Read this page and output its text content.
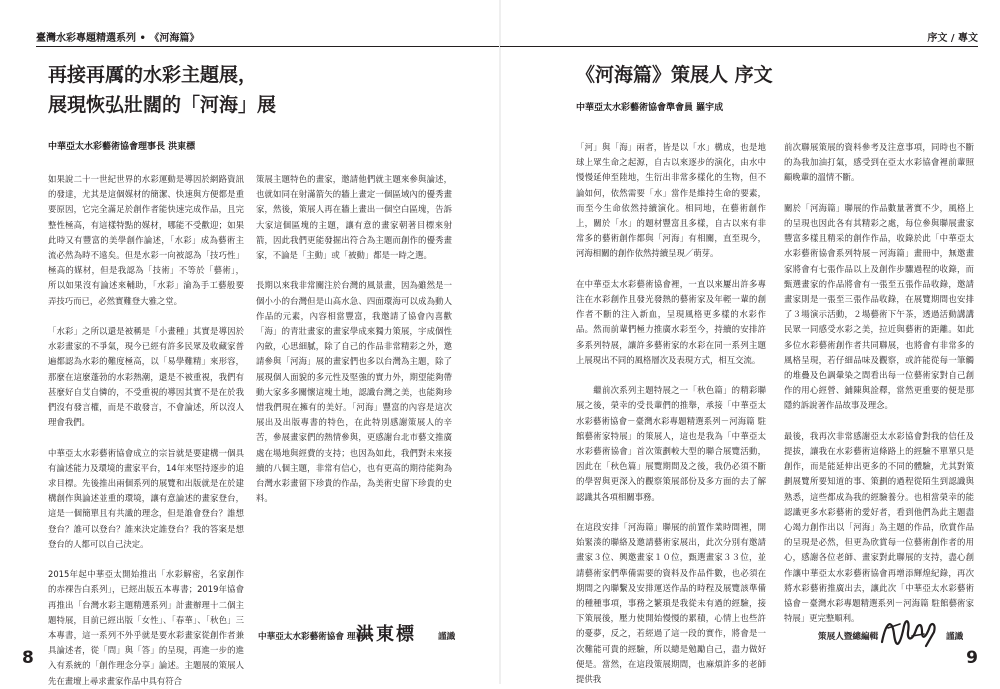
臺灣水彩專題精選系列 • 《河海篇》
再接再厲的水彩主題展，
展現恢弘壯闊的「河海」展
中華亞太水彩藝術協會理事長 洪東標

如果說二十一世紀世界的水彩運動是導因於網路資訊的發達，尤其是這個媒材的簡潔、快速與方便都是重要原因，它完全滿足於創作者能快速完成作品，且完整性極高，有這樣特點的媒材，哪能不受歡迎；如果此時又有豐富的美學創作論述，「水彩」成為藝術主流必然為時不遠矣。但是水彩一向被認為「技巧性」極高的媒材，但是我認為「技術」不等於「藝術」，所以如果沒有論述來輔助，「水彩」淪為手工藝般要弄技巧而已，必然實難登大雅之堂。

「水彩」之所以還是被稱是「小畫種」其實是導因於水彩畫家的不爭氣，現今已經有許多民眾及收藏家普遍都認為水彩的難度極高，以「易學難精」來形容，那麼在這麼蓬勃的水彩熱潮，還是不被重視，我們有甚麼好自艾自憐的，不受重視的導因其實不是在於我們沒有發言權，而是不敢發言，不會論述，所以沒人理會我們。

中華亞太水彩藝術協會成立的宗旨就是要建構一個具有論述能力及環境的畫家平台，14年來堅持逐步的追求目標。先後推出兩個系列的展覽和出版就是在於建構創作與論述並重的環境，讓有意論述的畫家登台，這是一個簡單且有共識的理念，但是誰會登台？誰想登台？誰可以登台？誰來決定誰登台？我的答案是想登台的人都可以自己決定。

2015年起中華亞太開始推出「水彩解密，名家創作的赤裸告白系列」，已經出版五本專書；2019年協會再推出「台灣水彩主題精選系列」計畫辦理十二個主題特展，目前已經出版「女性」、「春華」、「秋色」三本專書，這一系列不外乎就是要水彩畫家從創作者兼具論述者，從「問」與「答」的呈現，再進一步的進入有系統的「創作理念分享」論述。主題展的策展人先在畫壇上尋求畫家作品中具有符合

策展主題特色的畫家，邀請他們就主題來參與論述，也就如同在射滿箭矢的牆上畫定一個區域內的優秀畫家，然後，策展人再在牆上畫出一個空白區塊，告訴大家這個區塊的主題，讓有意的畫家朝著目標來射箭，因此我們更能發掘出符合為主題而創作的優秀畫家，不論是「主動」或「被動」都是一時之選。

長期以來我非常關注於台灣的風景畫，因為雖然是一個小小的台灣但是山高水急、四面環海可以成為動人作品的元素，內容相當豐富，我邀請了協會內喜歡「海」的青壯畫家的畫家學成來獨力策展，宇成個性內斂，心思細膩，除了自己的作品非常精彩之外，邀請參與「河海」展的畫家們也多以台灣為主題，除了展現個人面貌的多元性及堅強的實力外，期望能夠帶動大家多多關懷這塊土地，認識台灣之美，也能夠珍惜我們現在擁有的美好。「河海」豐富的內容是這次展出及出版專書的特色，在此特別感謝策展人的辛苦，參展畫家們的熱情參與，更感謝台北市藝文推廣處在場地與經費的支持；也因為如此，我們對未來接續的八個主題，非常有信心，也有更高的期待能夠為台灣水彩畫留下珍貴的作品，為美術史留下珍貴的史料。

中華亞太水彩藝術協會 理事長
洪東標	謹識
8
序文 / 專文
《河海篇》策展人 序文
中華亞太水彩藝術協會準會員 羅宇成

「河」與「海」兩者，皆是以「水」構成，也是地球上眾生命之起源，自古以來逐步的演化，由水中慢慢延伸至陸地，生衍出非常多樣化的生物，但不論如何，依然需要「水」當作是維持生命的要素，而至今生命依然持續演化。相同地，在藝術創作上，關於「水」的題材豐富且多樣，自古以來有非常多的藝術創作都與「河海」有相關，直至現今，河海相關的創作依然持續呈現／萌芽。

在中華亞太水彩藝術協會裡，一直以來屢出許多專注在水彩創作且發光發熱的藝術家及年輕一輩的創作者不斷的注入新血，呈現風格更多樣的水彩作品。然而前輩們極力推廣水彩至今，持續的安排許多系列特展，讓許多藝術家的水彩在同一系列主題上展現出不同的風格層次及表現方式，相互交流。

　　繼前次系列主題特展之一「秋色篇」的精彩聯展之後，榮幸的受長輩們的推舉，承接「中華亞太水彩藝術協會－臺灣水彩專題精選系列－河海篇 駐館藝術家特展」的策展人，這也是我為「中華亞太水彩藝術協會」首次策劃較大型的聯合展覽活動，因此在「秋色篇」展覽期間及之後，我仍必須不斷的學習與更深入的觀察策展部份及多方面的去了解認識其各項相關事務。

在這段安排「河海篇」聯展的前置作業時間裡，開始緊湊的聯絡及邀請藝術家展出，此次分別有邀請畫家３位、興邀畫家１０位，甄選畫家３３位，並請藝術家們準備需要的資料及作品件數，也必須在期間之內聯繫及安排運送作品的時程及展覽該準備的種種事項，事務之繁瑣是我從未有過的經驗，接下策展後，壓力使開始慢慢的累積，心情上也些許的憂夢，反之，若經過了這一段的實作，將會是一次難能可貴的經驗，所以總是勉勵自己，盡力做好便是。當然，在這段策展期間，也麻煩許多的老師提供我

前次聯展策展的資料參考及注意事項，同時也不斷的為我加油打氣，感受到在亞太水彩協會裡前輩照顧晚輩的溫情不斷。

關於「河海篇」聯展的作品數量著實不少，風格上的呈現也因此各有其精彩之處，每位參與聯展畫家豐富多樣且精采的創作作品，收錄於此「中華亞太水彩藝術協會系列特展－河海篇」畫冊中，無邀畫家將會有七張作品以上及創作步驟過程的收錄，而甄選畫家的作品將會有一張至五張作品收錄，邀請畫家則是一張至三張作品收錄，在展覽期間也安排了３場演示活動，２場藝術下午茶，透過活動講講民眾一同感受水彩之美，拉近與藝術的距離。如此多位水彩藝術創作者共同聯展，也將會有非常多的風格呈現，若仔細品味及觀察，或許能從每一筆觸的堆疊及色調暈染之間看出每一位藝術家對自己創作的用心經營、鋪陳與詮釋，當然更重要的便是那隱約訴說著作品故事及理念。

最後，我再次非常感謝亞太水彩協會對我的信任及提拔，讓我在水彩藝術這條路上的經驗不單單只是創作，而是能延伸出更多的不同的體驗，尤其對策劃展覽所要知道的事、策劃的過程從陌生到認識與熟悉，這些都成為我的經驗養分。也相當榮幸的能認識更多水彩藝術的愛好者，看到他們為此主題盡心竭力創作出以「河海」為主題的作品，欣賞作品的呈現是必然，但更為欣賞每一位藝術創作者的用心，感謝各位老師、畫家對此聯展的支持，盡心創作讓中華亞太水彩藝術協會再增添輝煌紀錄，再次將水彩藝術推廣出去，讓此次「中華亞太水彩藝術協會－臺灣水彩專題精選系列－河海篇 駐館藝術家特展」更完整順利。

策展人暨總編輯	謹識
9
